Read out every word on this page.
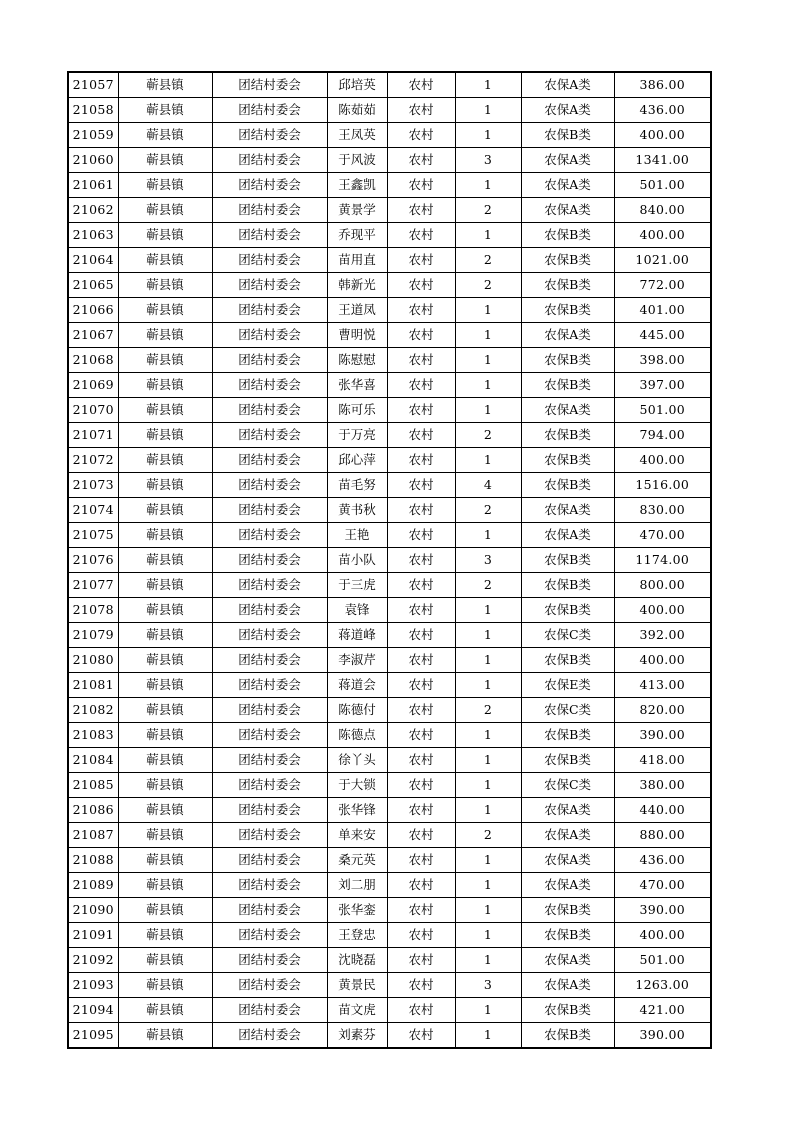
21057	蕲县镇	团结村委会	邱培英	农村	1	农保A类	386.00
21058	蕲县镇	团结村委会	陈茹茹	农村	1	农保A类	436.00
21059	蕲县镇	团结村委会	王凤英	农村	1	农保B类	400.00
21060	蕲县镇	团结村委会	于风波	农村	3	农保A类	1341.00
21061	蕲县镇	团结村委会	王鑫凯	农村	1	农保A类	501.00
21062	蕲县镇	团结村委会	黄景学	农村	2	农保A类	840.00
21063	蕲县镇	团结村委会	乔现平	农村	1	农保B类	400.00
21064	蕲县镇	团结村委会	苗用直	农村	2	农保B类	1021.00
21065	蕲县镇	团结村委会	韩新光	农村	2	农保B类	772.00
21066	蕲县镇	团结村委会	王道凤	农村	1	农保B类	401.00
21067	蕲县镇	团结村委会	曹明悦	农村	1	农保A类	445.00
21068	蕲县镇	团结村委会	陈慰慰	农村	1	农保B类	398.00
21069	蕲县镇	团结村委会	张华喜	农村	1	农保B类	397.00
21070	蕲县镇	团结村委会	陈可乐	农村	1	农保A类	501.00
21071	蕲县镇	团结村委会	于万亮	农村	2	农保B类	794.00
21072	蕲县镇	团结村委会	邱心萍	农村	1	农保B类	400.00
21073	蕲县镇	团结村委会	苗毛努	农村	4	农保B类	1516.00
21074	蕲县镇	团结村委会	黄书秋	农村	2	农保A类	830.00
21075	蕲县镇	团结村委会	王艳	农村	1	农保A类	470.00
21076	蕲县镇	团结村委会	苗小队	农村	3	农保B类	1174.00
21077	蕲县镇	团结村委会	于三虎	农村	2	农保B类	800.00
21078	蕲县镇	团结村委会	袁锋	农村	1	农保B类	400.00
21079	蕲县镇	团结村委会	蒋道峰	农村	1	农保C类	392.00
21080	蕲县镇	团结村委会	李淑芹	农村	1	农保B类	400.00
21081	蕲县镇	团结村委会	蒋道会	农村	1	农保E类	413.00
21082	蕲县镇	团结村委会	陈德付	农村	2	农保C类	820.00
21083	蕲县镇	团结村委会	陈德点	农村	1	农保B类	390.00
21084	蕲县镇	团结村委会	徐丫头	农村	1	农保B类	418.00
21085	蕲县镇	团结村委会	于大锁	农村	1	农保C类	380.00
21086	蕲县镇	团结村委会	张华锋	农村	1	农保A类	440.00
21087	蕲县镇	团结村委会	单来安	农村	2	农保A类	880.00
21088	蕲县镇	团结村委会	桑元英	农村	1	农保A类	436.00
21089	蕲县镇	团结村委会	刘二朋	农村	1	农保A类	470.00
21090	蕲县镇	团结村委会	张华銮	农村	1	农保B类	390.00
21091	蕲县镇	团结村委会	王登忠	农村	1	农保B类	400.00
21092	蕲县镇	团结村委会	沈晓磊	农村	1	农保A类	501.00
21093	蕲县镇	团结村委会	黄景民	农村	3	农保A类	1263.00
21094	蕲县镇	团结村委会	苗文虎	农村	1	农保B类	421.00
21095	蕲县镇	团结村委会	刘素芬	农村	1	农保B类	390.00
